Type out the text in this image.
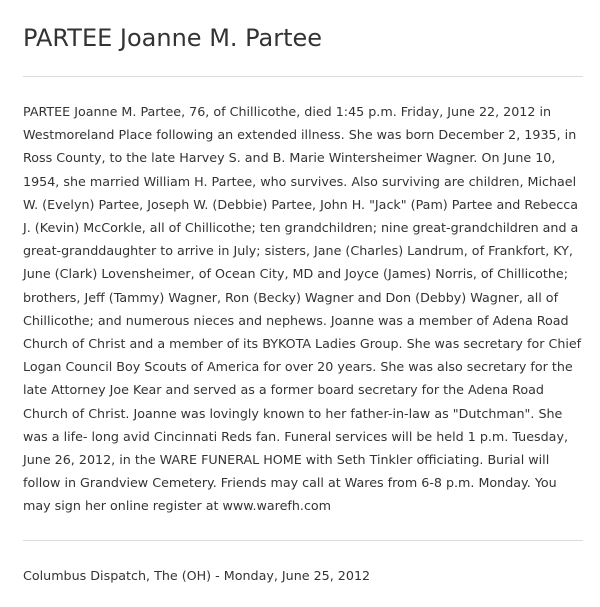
PARTEE Joanne M. Partee

PARTEE Joanne M. Partee, 76, of Chillicothe, died 1:45 p.m. Friday, June 22, 2012 in Westmoreland Place following an extended illness. She was born December 2, 1935, in Ross County, to the late Harvey S. and B. Marie Wintersheimer Wagner. On June 10, 1954, she married William H. Partee, who survives. Also surviving are children, Michael W. (Evelyn) Partee, Joseph W. (Debbie) Partee, John H. "Jack" (Pam) Partee and Rebecca J. (Kevin) McCorkle, all of Chillicothe; ten grandchildren; nine great-grandchildren and a great-granddaughter to arrive in July; sisters, Jane (Charles) Landrum, of Frankfort, KY, June (Clark) Lovensheimer, of Ocean City, MD and Joyce (James) Norris, of Chillicothe; brothers, Jeff (Tammy) Wagner, Ron (Becky) Wagner and Don (Debby) Wagner, all of Chillicothe; and numerous nieces and nephews. Joanne was a member of Adena Road Church of Christ and a member of its BYKOTA Ladies Group. She was secretary for Chief Logan Council Boy Scouts of America for over 20 years. She was also secretary for the late Attorney Joe Kear and served as a former board secretary for the Adena Road Church of Christ. Joanne was lovingly known to her father-in-law as "Dutchman". She was a life- long avid Cincinnati Reds fan. Funeral services will be held 1 p.m. Tuesday, June 26, 2012, in the WARE FUNERAL HOME with Seth Tinkler officiating. Burial will follow in Grandview Cemetery. Friends may call at Wares from 6-8 p.m. Monday. You may sign her online register at www.warefh.com

Columbus Dispatch, The (OH) - Monday, June 25, 2012
